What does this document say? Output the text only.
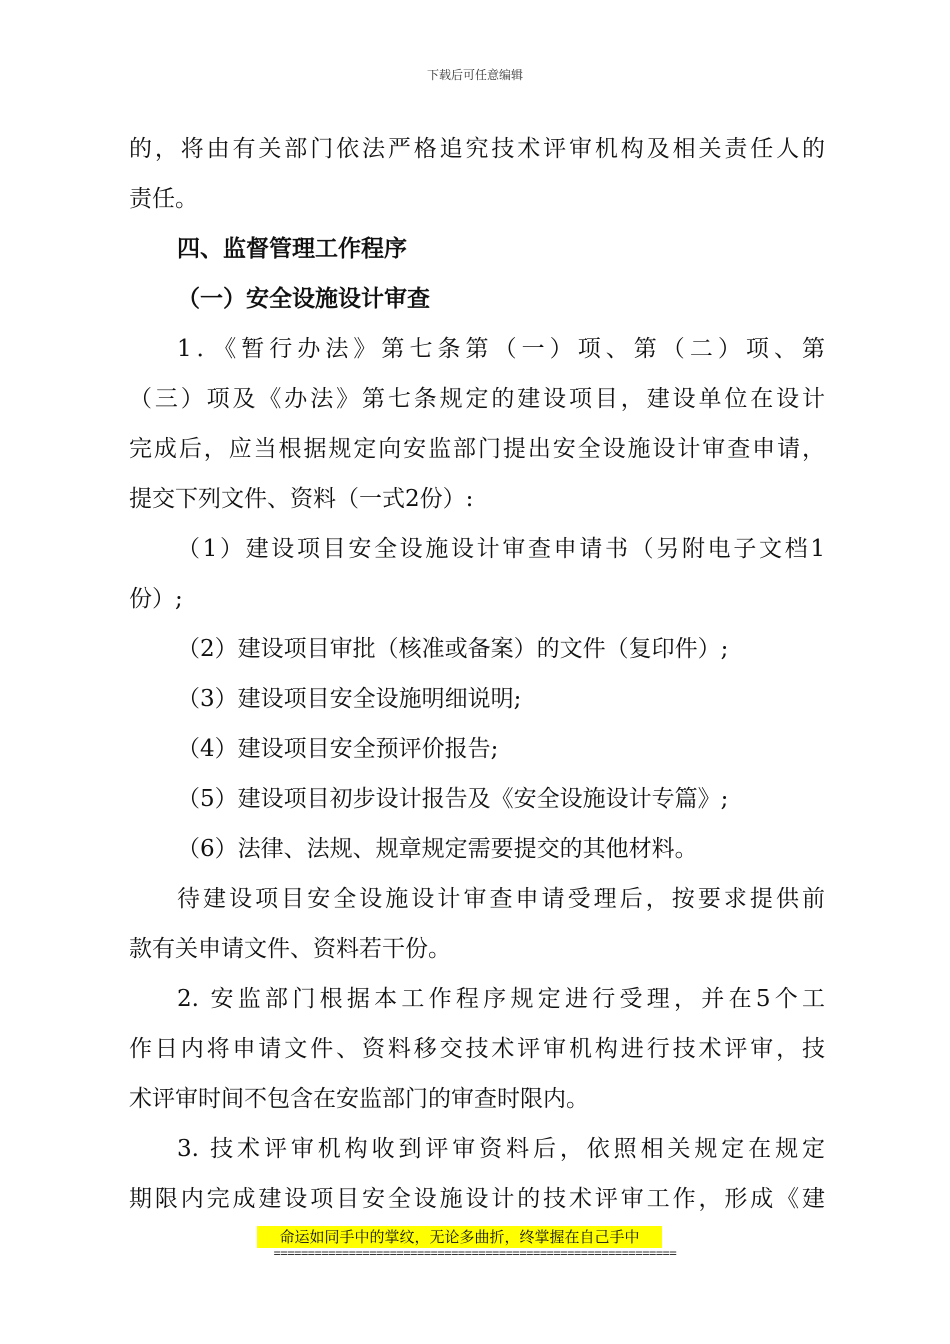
下载后可任意编辑
的，将由有关部门依法严格追究技术评审机构及相关责任人的
责任。
四、监督管理工作程序
（一）安全设施设计审查
1．《暂行办法》第七条第（一）项、第（二）项、第
（三）项及《办法》第七条规定的建设项目，建设单位在设计
完成后，应当根据规定向安监部门提出安全设施设计审查申请，
提交下列文件、资料（一式2份）:
（1）建设项目安全设施设计审查申请书（另附电子文档1
份）;
（2）建设项目审批（核准或备案）的文件（复印件）;
（3）建设项目安全设施明细说明;
（4）建设项目安全预评价报告;
（5）建设项目初步设计报告及《安全设施设计专篇》;
（6）法律、法规、规章规定需要提交的其他材料。
待建设项目安全设施设计审查申请受理后，按要求提供前
款有关申请文件、资料若干份。
2. 安监部门根据本工作程序规定进行受理，并在5个工
作日内将申请文件、资料移交技术评审机构进行技术评审，技
术评审时间不包含在安监部门的审查时限内。
3. 技术评审机构收到评审资料后，依照相关规定在规定
期限内完成建设项目安全设施设计的技术评审工作，形成《建
命运如同手中的掌纹，无论多曲折，终掌握在自己手中
===========================================================
